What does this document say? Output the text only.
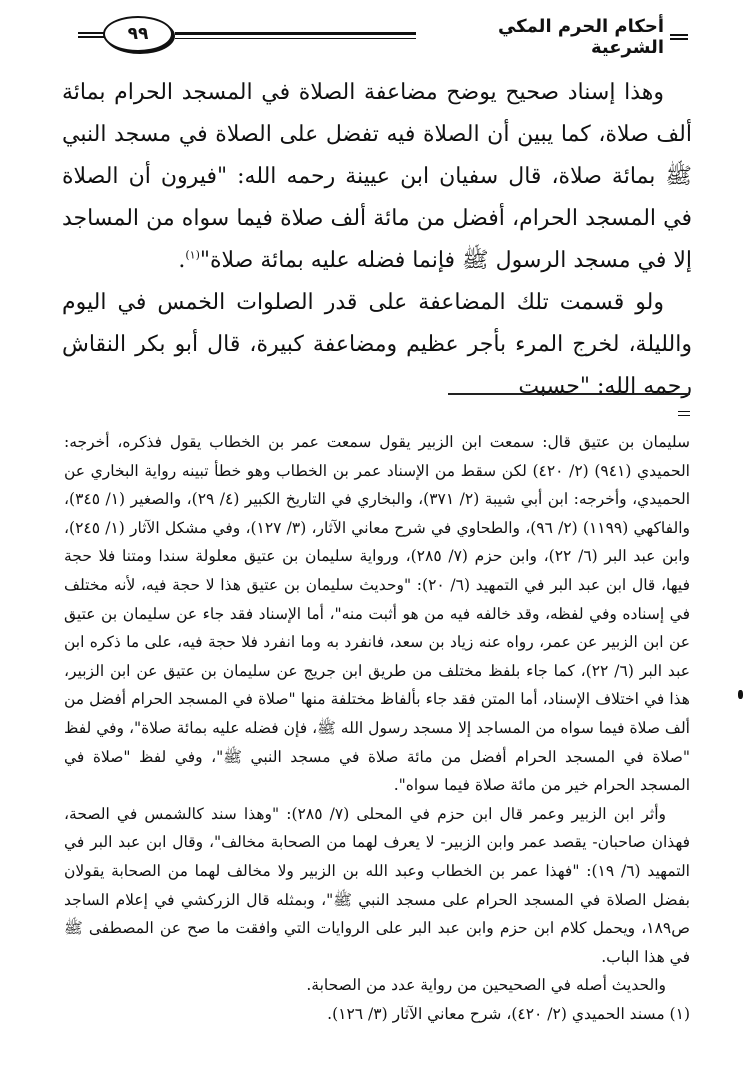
٩٩	أحكام الحرم المكي الشرعية

وهذا إسناد صحيح يوضح مضاعفة الصلاة في المسجد الحرام بمائة ألف صلاة، كما يبين أن الصلاة فيه تفضل على الصلاة في مسجد النبي ﷺ بمائة صلاة، قال سفيان ابن عيينة رحمه الله: "فيرون أن الصلاة في المسجد الحرام، أفضل من مائة ألف صلاة فيما سواه من المساجد إلا في مسجد الرسول ﷺ فإنما فضله عليه بمائة صلاة"$^{(١)}$.

ولو قسمت تلك المضاعفة على قدر الصلوات الخمس في اليوم والليلة، لخرج المرء بأجر عظيم ومضاعفة كبيرة، قال أبو بكر النقاش رحمه الله: "حسبت

سليمان بن عتيق قال: سمعت ابن الزبير يقول سمعت عمر بن الخطاب يقول فذكره، أخرجه: الحميدي (٩٤١) (٢/ ٤٢٠) لكن سقط من الإسناد عمر بن الخطاب وهو خطأ تبينه رواية البخاري عن الحميدي، وأخرجه: ابن أبي شيبة (٢/ ٣٧١)، والبخاري في التاريخ الكبير (٤/ ٢٩)، والصغير (١/ ٣٤٥)، والفاكهي (١١٩٩) (٢/ ٩٦)، والطحاوي في شرح معاني الآثار، (٣/ ١٢٧)، وفي مشكل الآثار (١/ ٢٤٥)، وابن عبد البر (٦/ ٢٢)، وابن حزم (٧/ ٢٨٥)، ورواية سليمان بن عتيق معلولة سندا ومتنا فلا حجة فيها، قال ابن عبد البر في التمهيد (٦/ ٢٠): "وحديث سليمان بن عتيق هذا لا حجة فيه، لأنه مختلف في إسناده وفي لفظه، وقد خالفه فيه من هو أثبت منه"، أما الإسناد فقد جاء عن سليمان بن عتيق عن ابن الزبير عن عمر، رواه عنه زياد بن سعد، فانفرد به وما انفرد فلا حجة فيه، على ما ذكره ابن عبد البر (٦/ ٢٢)، كما جاء بلفظ مختلف من طريق ابن جريج عن سليمان بن عتيق عن ابن الزبير، هذا في اختلاف الإسناد، أما المتن فقد جاء بألفاظ مختلفة منها "صلاة في المسجد الحرام أفضل من ألف صلاة فيما سواه من المساجد إلا مسجد رسول الله ﷺ، فإن فضله عليه بمائة صلاة"، وفي لفظ "صلاة في المسجد الحرام أفضل من مائة صلاة في مسجد النبي ﷺ"، وفي لفظ "صلاة في المسجد الحرام خير من مائة صلاة فيما سواه".

وأثر ابن الزبير وعمر قال ابن حزم في المحلى (٧/ ٢٨٥): "وهذا سند كالشمس في الصحة، فهذان صاحبان- يقصد عمر وابن الزبير- لا يعرف لهما من الصحابة مخالف"، وقال ابن عبد البر في التمهيد (٦/ ١٩): "فهذا عمر بن الخطاب وعبد الله بن الزبير ولا مخالف لهما من الصحابة يقولان بفضل الصلاة في المسجد الحرام على مسجد النبي ﷺ"، وبمثله قال الزركشي في إعلام الساجد ص١٨٩، ويحمل كلام ابن حزم وابن عبد البر على الروايات التي وافقت ما صح عن المصطفى ﷺ في هذا الباب.

والحديث أصله في الصحيحين من رواية عدد من الصحابة.

(١) مسند الحميدي (٢/ ٤٢٠)، شرح معاني الآثار (٣/ ١٢٦).
